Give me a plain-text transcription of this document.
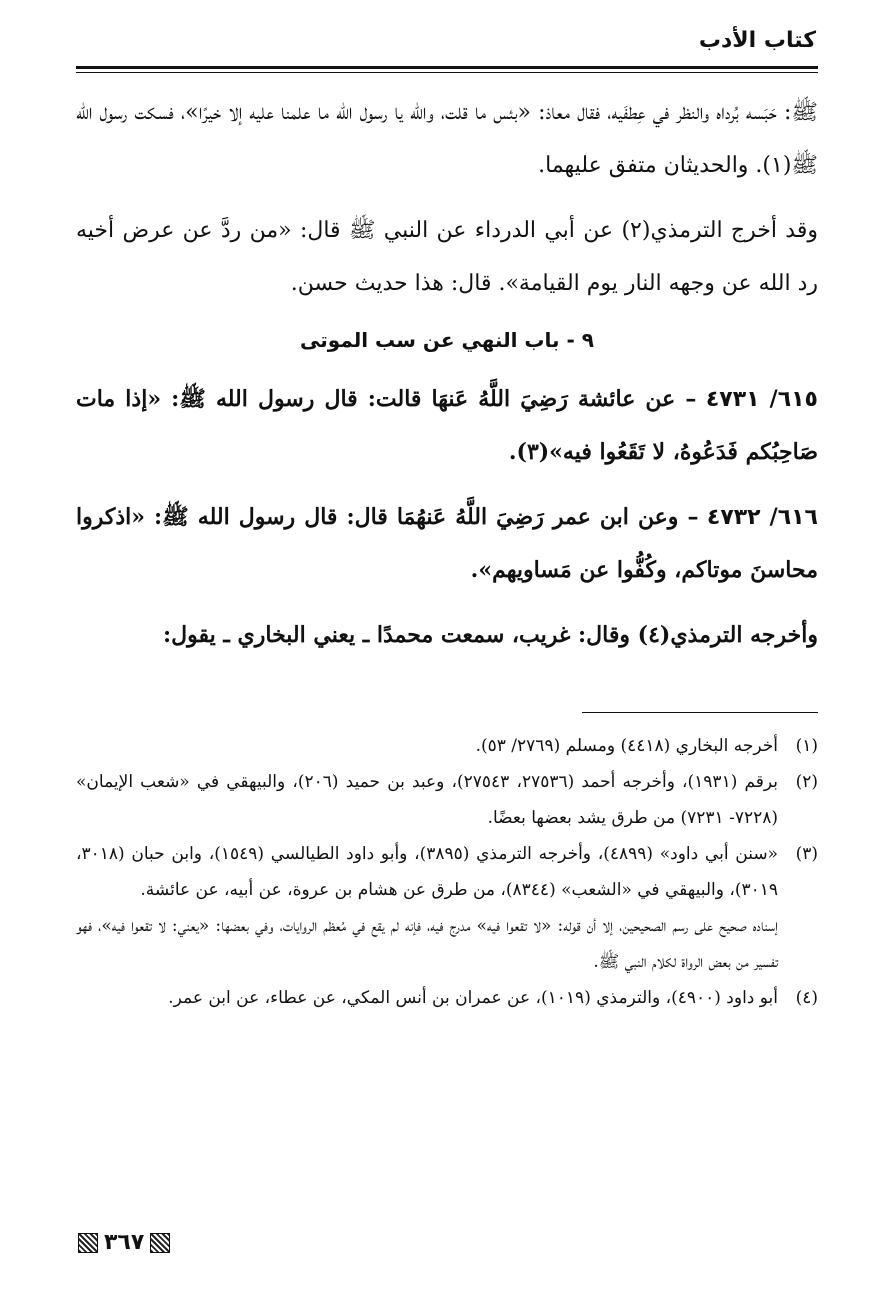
كتاب الأدب

ﷺ: حَبَسه بُرداه والنظر في عِطفَيه، فقال معاذ: «بئس ما قلت، والله يا رسول الله ما علمنا عليه إلا خيرًا»، فسكت رسول الله ﷺ(١). والحديثان متفق عليهما.

وقد أخرج الترمذي(٢) عن أبي الدرداء عن النبي ﷺ قال: «من ردَّ عن عرض أخيه رد الله عن وجهه النار يوم القيامة». قال: هذا حديث حسن.

٩ - باب النهي عن سب الموتى

٦١٥/ ٤٧٣١ – عن عائشة رَضِيَ اللَّهُ عَنهَا قالت: قال رسول الله ﷺ: «إذا مات صَاحِبُكم فَدَعُوهُ، لا تَقَعُوا فيه»(٣).

٦١٦/ ٤٧٣٢ – وعن ابن عمر رَضِيَ اللَّهُ عَنهُمَا قال: قال رسول الله ﷺ: «اذكروا محاسنَ موتاكم، وكُفُّوا عن مَساويهم».

وأخرجه الترمذي(٤) وقال: غريب، سمعت محمدًا ـ يعني البخاري ـ يقول:

(١)
أخرجه البخاري (٤٤١٨) ومسلم (٢٧٦٩/ ٥٣).
(٢)
برقم (١٩٣١)، وأخرجه أحمد (٢٧٥٣٦، ٢٧٥٤٣)، وعبد بن حميد (٢٠٦)، والبيهقي في «شعب الإيمان» (٧٢٢٨- ٧٢٣١) من طرق يشد بعضها بعضًا.
(٣)
«سنن أبي داود» (٤٨٩٩)، وأخرجه الترمذي (٣٨٩٥)، وأبو داود الطيالسي (١٥٤٩)، وابن حبان (٣٠١٨، ٣٠١٩)، والبيهقي في «الشعب» (٨٣٤٤)، من طرق عن هشام بن عروة، عن أبيه، عن عائشة.
إسناده صحيح على رسم الصحيحين، إلا أن قوله: «لا تقعوا فيه» مدرج فيه، فإنه لم يقع في مُعظم الروايات، وفي بعضها: «يعني: لا تقعوا فيه»، فهو تفسير من بعض الرواة لكلام النبي ﷺ.
(٤)
أبو داود (٤٩٠٠)، والترمذي (١٠١٩)، عن عمران بن أنس المكي، عن عطاء، عن ابن عمر.
٣٦٧
